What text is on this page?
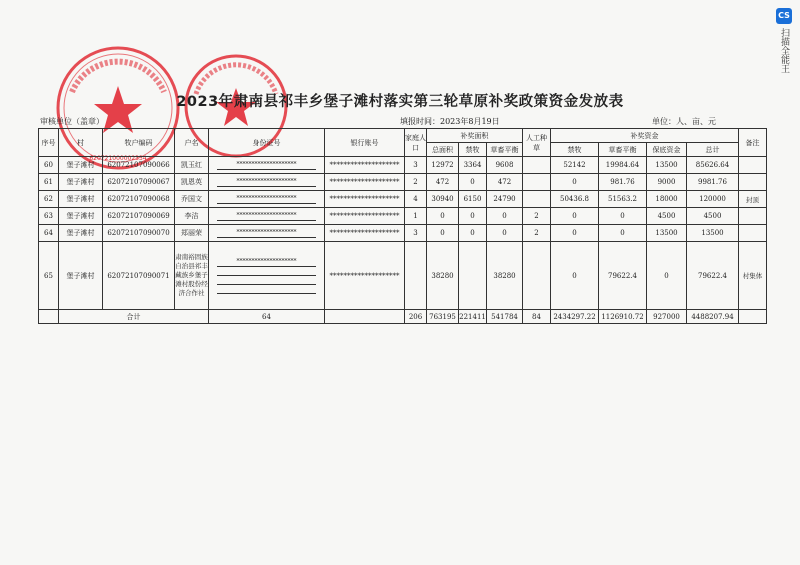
620721000002334
2023年肃南县祁丰乡堡子滩村落实第三轮草原补奖政策资金发放表
审核单位（盖章）	填报时间：2023年8月19日	单位：人、亩、元
序号	村	牧户编码	户名	身份证号	银行账号	家庭人口	补奖面积			人工种草	补奖资金				备注
							总面积	禁牧	草畜平衡		禁牧	草畜平衡	保底资金	总计	
60	堡子滩村	62072107090066	凯玉红	********************	********************	3	12972	3364	9608		52142	19984.64	13500	85626.64	
61	堡子滩村	62072107090067	凯恩英	********************	********************	2	472	0	472		0	981.76	9000	9981.76	
62	堡子滩村	62072107090068	乔国文	********************	********************	4	30940	6150	24790		50436.8	51563.2	18000	120000	封顶
63	堡子滩村	62072107090069	李洁	********************	********************	1	0	0	0	2	0	0	4500	4500	
64	堡子滩村	62072107090070	郑丽荣	********************	********************	3	0	0	0	2	0	0	13500	13500	
65	堡子滩村	62072107090071	肃南裕固族自治县祁丰藏族乡堡子滩村股份经济合作社	********************	********************		38280		38280		0	79622.4	0	79622.4	村集体
	合计			64		206	763195	221411	541784	84	2434297.22	1126910.72	927000	4488207.94	
CS
扫描全能王
